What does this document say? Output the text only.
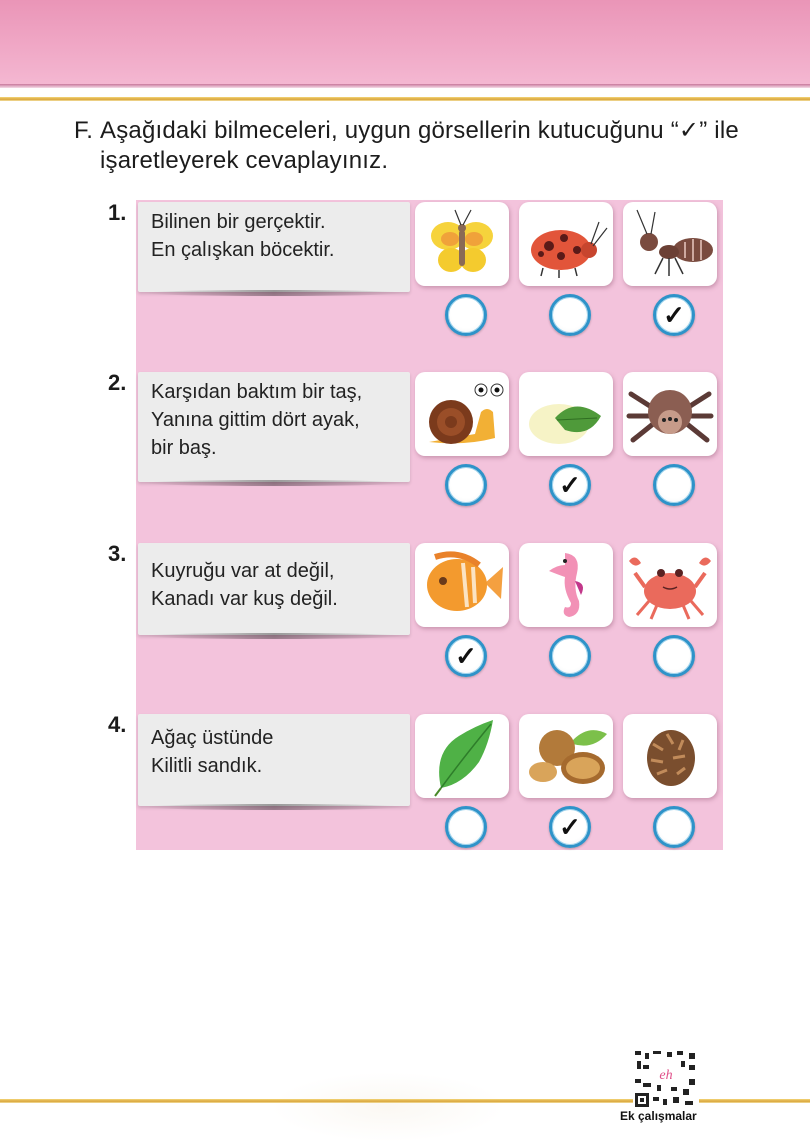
F. Aşağıdaki bilmeceleri, uygun görsellerin kutucuğunu “✓” ile işaretleyerek cevaplayınız.
1. Bilinen bir gerçektir.
En çalışkan böcektir.
✓
2. Karşıdan baktım bir taş,
Yanına gittim dört ayak,
bir baş.
✓
3.
Kuyruğu var at değil,
Kanadı var kuş değil.
✓
4.
Ağaç üstünde
Kilitli sandık.
✓
eh
Ek çalışmalar
